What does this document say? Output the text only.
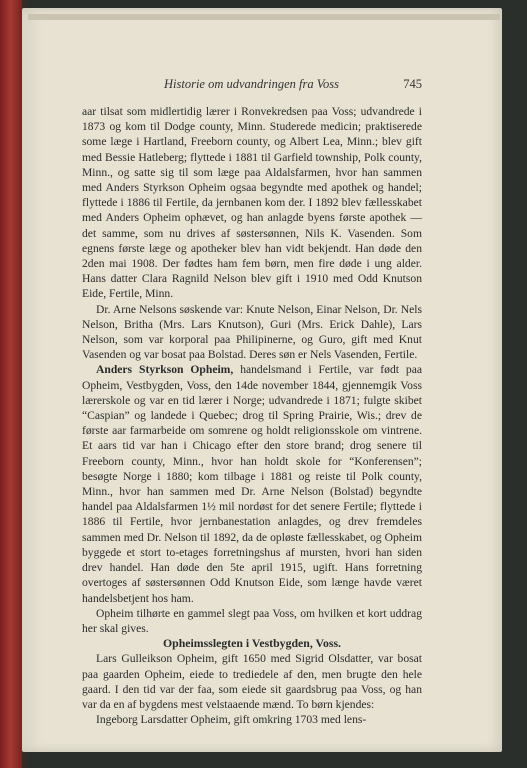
Historie om udvandringen fra Voss	745

aar tilsat som midlertidig lærer i Ronvekredsen paa Voss; udvandrede i 1873 og kom til Dodge county, Minn. Studerede medicin; praktiserede some læge i Hartland, Freeborn county, og Albert Lea, Minn.; blev gift med Bessie Hatleberg; flyttede i 1881 til Garfield township, Polk county, Minn., og satte sig til som læge paa Aldalsfarmen, hvor han sammen med Anders Styrkson Opheim ogsaa begyndte med apothek og handel; flyttede i 1886 til Fertile, da jernbanen kom der. I 1892 blev fællesskabet med Anders Opheim ophævet, og han anlagde byens første apothek — det samme, som nu drives af søstersønnen, Nils K. Vasenden. Som egnens første læge og apotheker blev han vidt bekjendt. Han døde den 2den mai 1908. Der fødtes ham fem børn, men fire døde i ung alder. Hans datter Clara Ragnild Nelson blev gift i 1910 med Odd Knutson Eide, Fertile, Minn.

Dr. Arne Nelsons søskende var: Knute Nelson, Einar Nelson, Dr. Nels Nelson, Britha (Mrs. Lars Knutson), Guri (Mrs. Erick Dahle), Lars Nelson, som var korporal paa Philipinerne, og Guro, gift med Knut Vasenden og var bosat paa Bolstad. Deres søn er Nels Vasenden, Fertile.

Anders Styrkson Opheim, handelsmand i Fertile, var født paa Opheim, Vestbygden, Voss, den 14de november 1844, gjennemgik Voss lærerskole og var en tid lærer i Norge; udvandrede i 1871; fulgte skibet “Caspian” og landede i Quebec; drog til Spring Prairie, Wis.; drev de første aar farmarbeide om somrene og holdt religionsskole om vintrene. Et aars tid var han i Chicago efter den store brand; drog senere til Freeborn county, Minn., hvor han holdt skole for “Konferensen”; besøgte Norge i 1880; kom tilbage i 1881 og reiste til Polk county, Minn., hvor han sammen med Dr. Arne Nelson (Bolstad) begyndte handel paa Aldalsfarmen 1½ mil nordøst for det senere Fertile; flyttede i 1886 til Fertile, hvor jernbanestation anlagdes, og drev fremdeles sammen med Dr. Nelson til 1892, da de opløste fællesskabet, og Opheim byggede et stort to-etages forretningshus af mursten, hvori han siden drev handel. Han døde den 5te april 1915, ugift. Hans forretning overtoges af søstersønnen Odd Knutson Eide, som længe havde været handelsbetjent hos ham.

Opheim tilhørte en gammel slegt paa Voss, om hvilken et kort uddrag her skal gives.

Opheimsslegten i Vestbygden, Voss.

Lars Gulleikson Opheim, gift 1650 med Sigrid Olsdatter, var bosat paa gaarden Opheim, eiede to trediedele af den, men brugte den hele gaard. I den tid var der faa, som eiede sit gaardsbrug paa Voss, og han var da en af bygdens mest velstaaende mænd. To børn kjendes:

Ingeborg Larsdatter Opheim, gift omkring 1703 med lens-
